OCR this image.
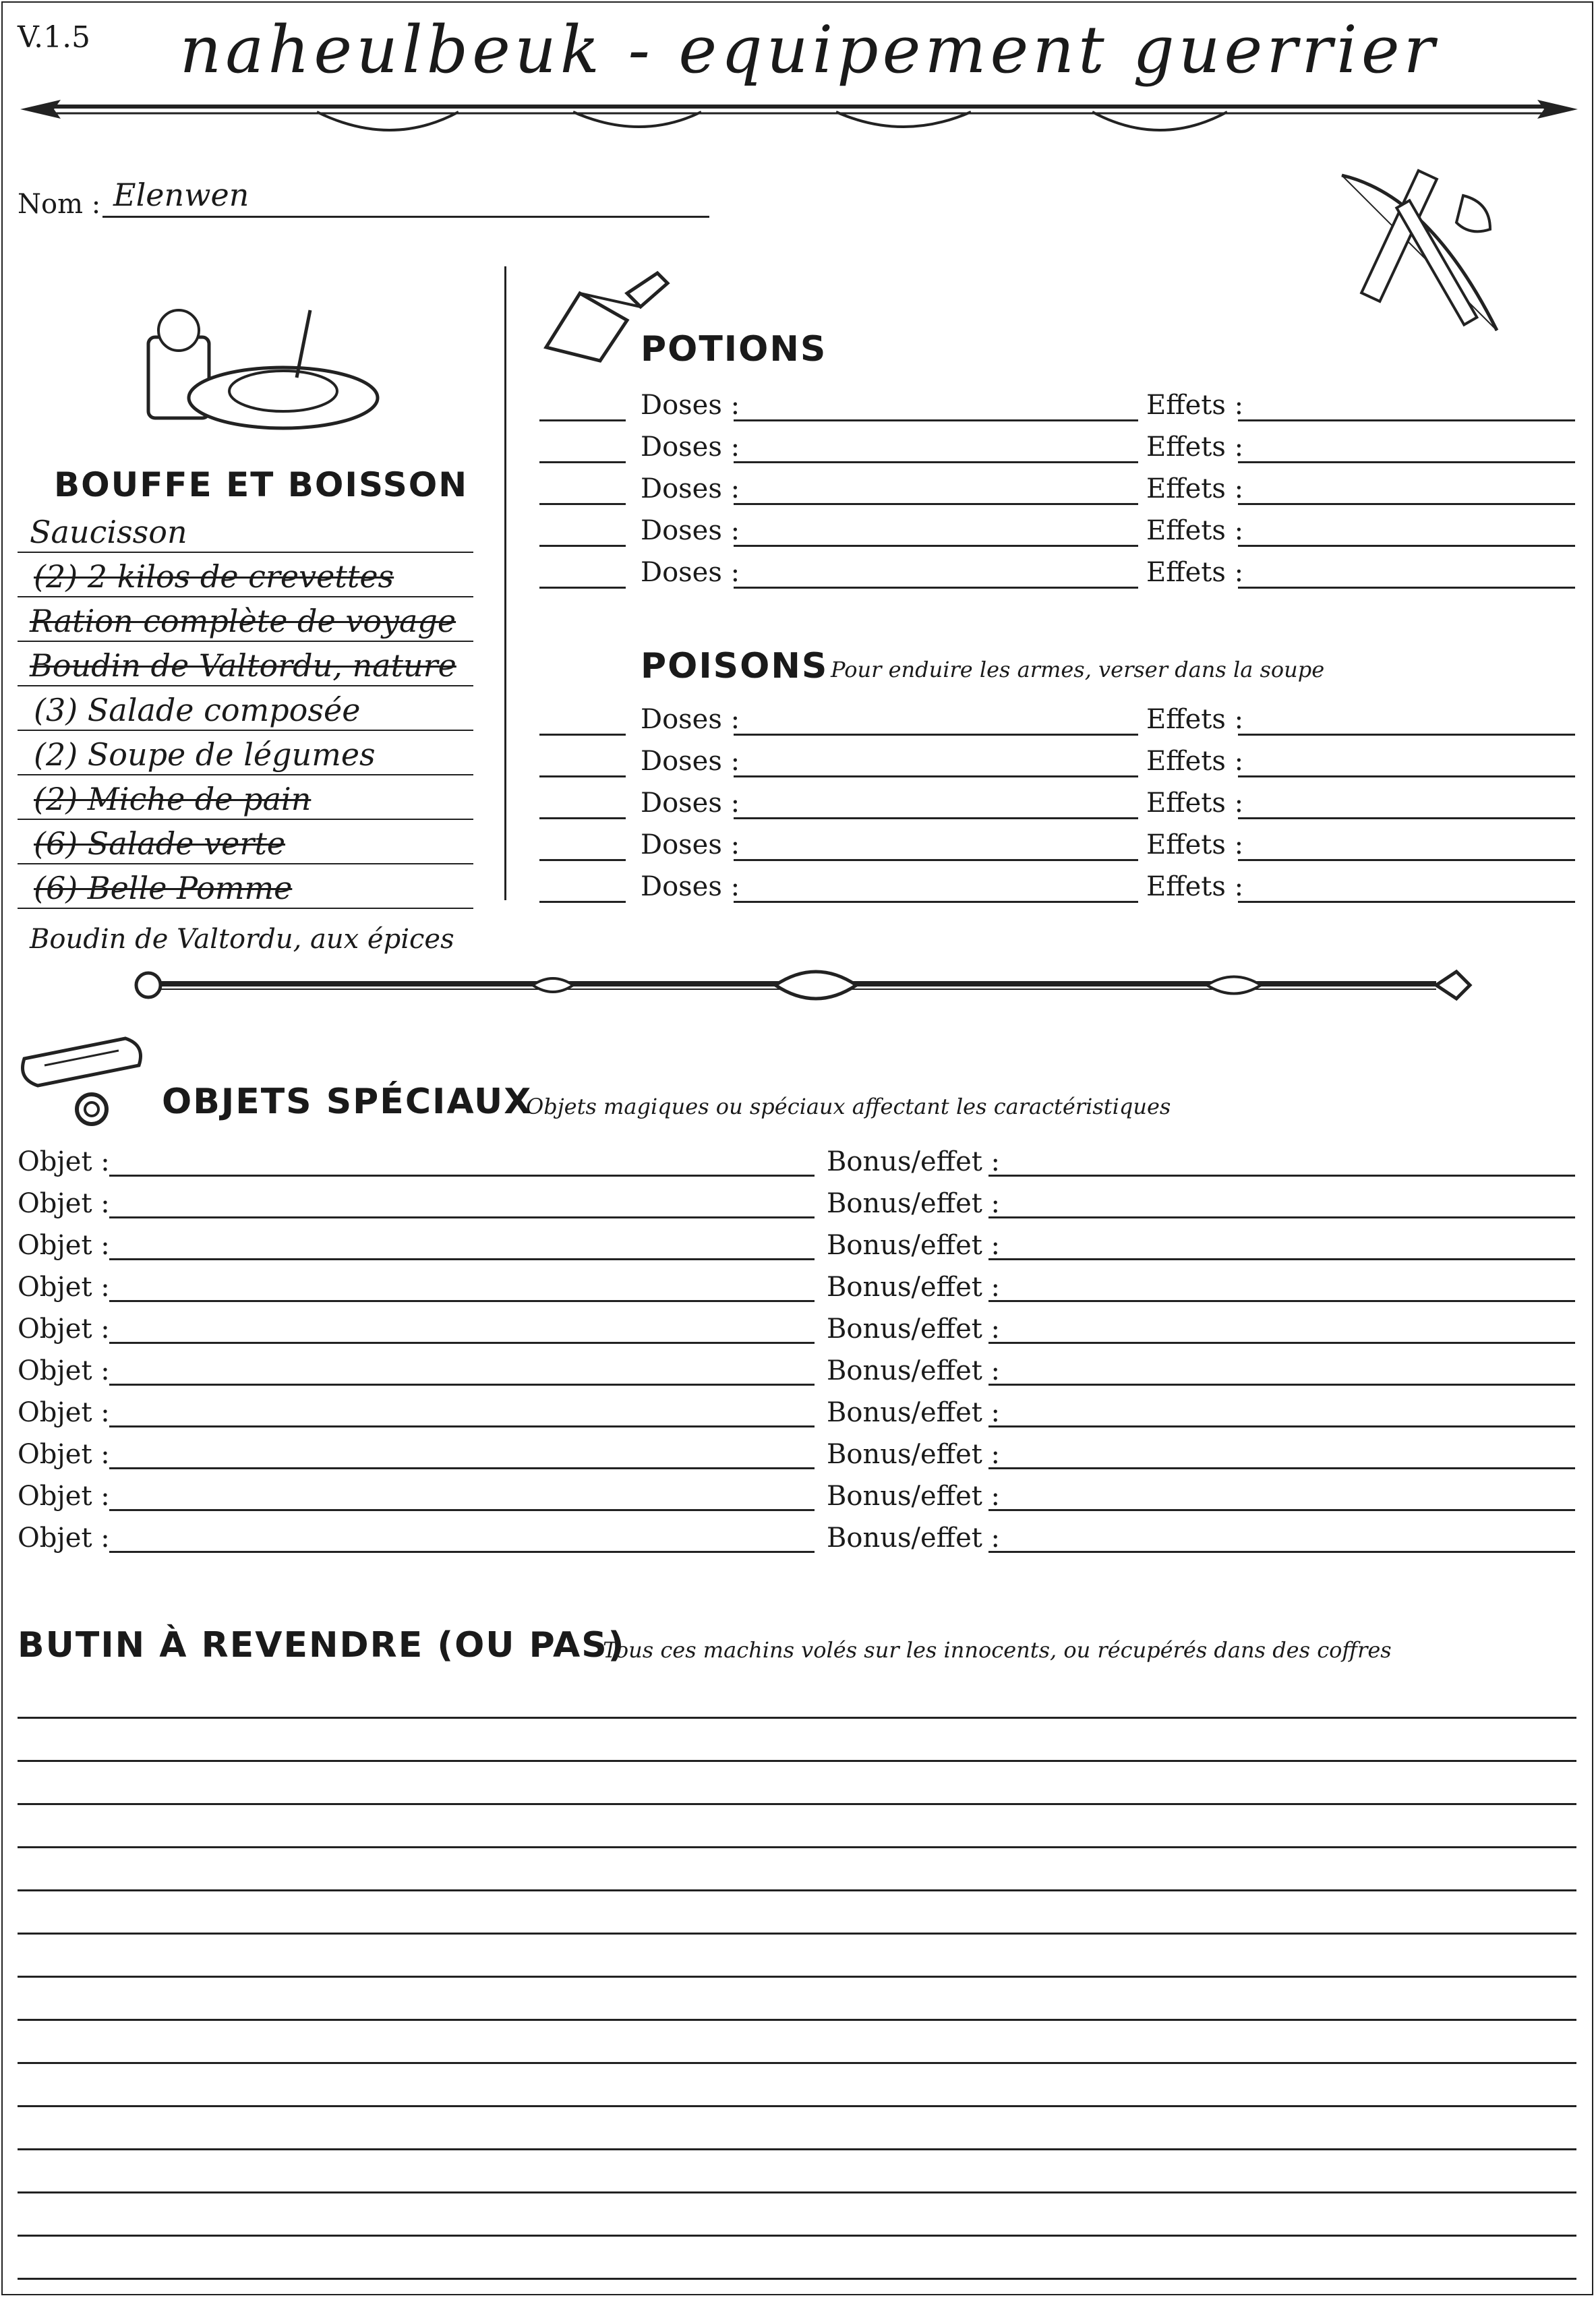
V.1.5 naheulbeuk - equipement guerrier
Nom : Elenwen
BOUFFE ET BOISSON
Saucisson
(2) 2 kilos de crevettes
Ration complète de voyage
Boudin de Valtordu, nature
(3) Salade composée
(2) Soupe de légumes
(2) Miche de pain
(6) Salade verte
(6) Belle Pomme
Boudin de Valtordu, aux épices
POTIONS
Doses :	Effets :
Doses :	Effets :
Doses :	Effets :
Doses :	Effets :
Doses :	Effets :
POISONS Pour enduire les armes, verser dans la soupe
Doses :	Effets :
Doses :	Effets :
Doses :	Effets :
Doses :	Effets :
Doses :	Effets :
OBJETS SPÉCIAUX
Objets magiques ou spéciaux affectant les caractéristiques
Objet :	Bonus/effet :
Objet :	Bonus/effet :
Objet :	Bonus/effet :
Objet :	Bonus/effet :
Objet :	Bonus/effet :
Objet :	Bonus/effet :
Objet :	Bonus/effet :
Objet :	Bonus/effet :
Objet :	Bonus/effet :
Objet :	Bonus/effet :
BUTIN À REVENDRE (OU PAS)
Tous ces machins volés sur les innocents, ou récupérés dans des coffres
